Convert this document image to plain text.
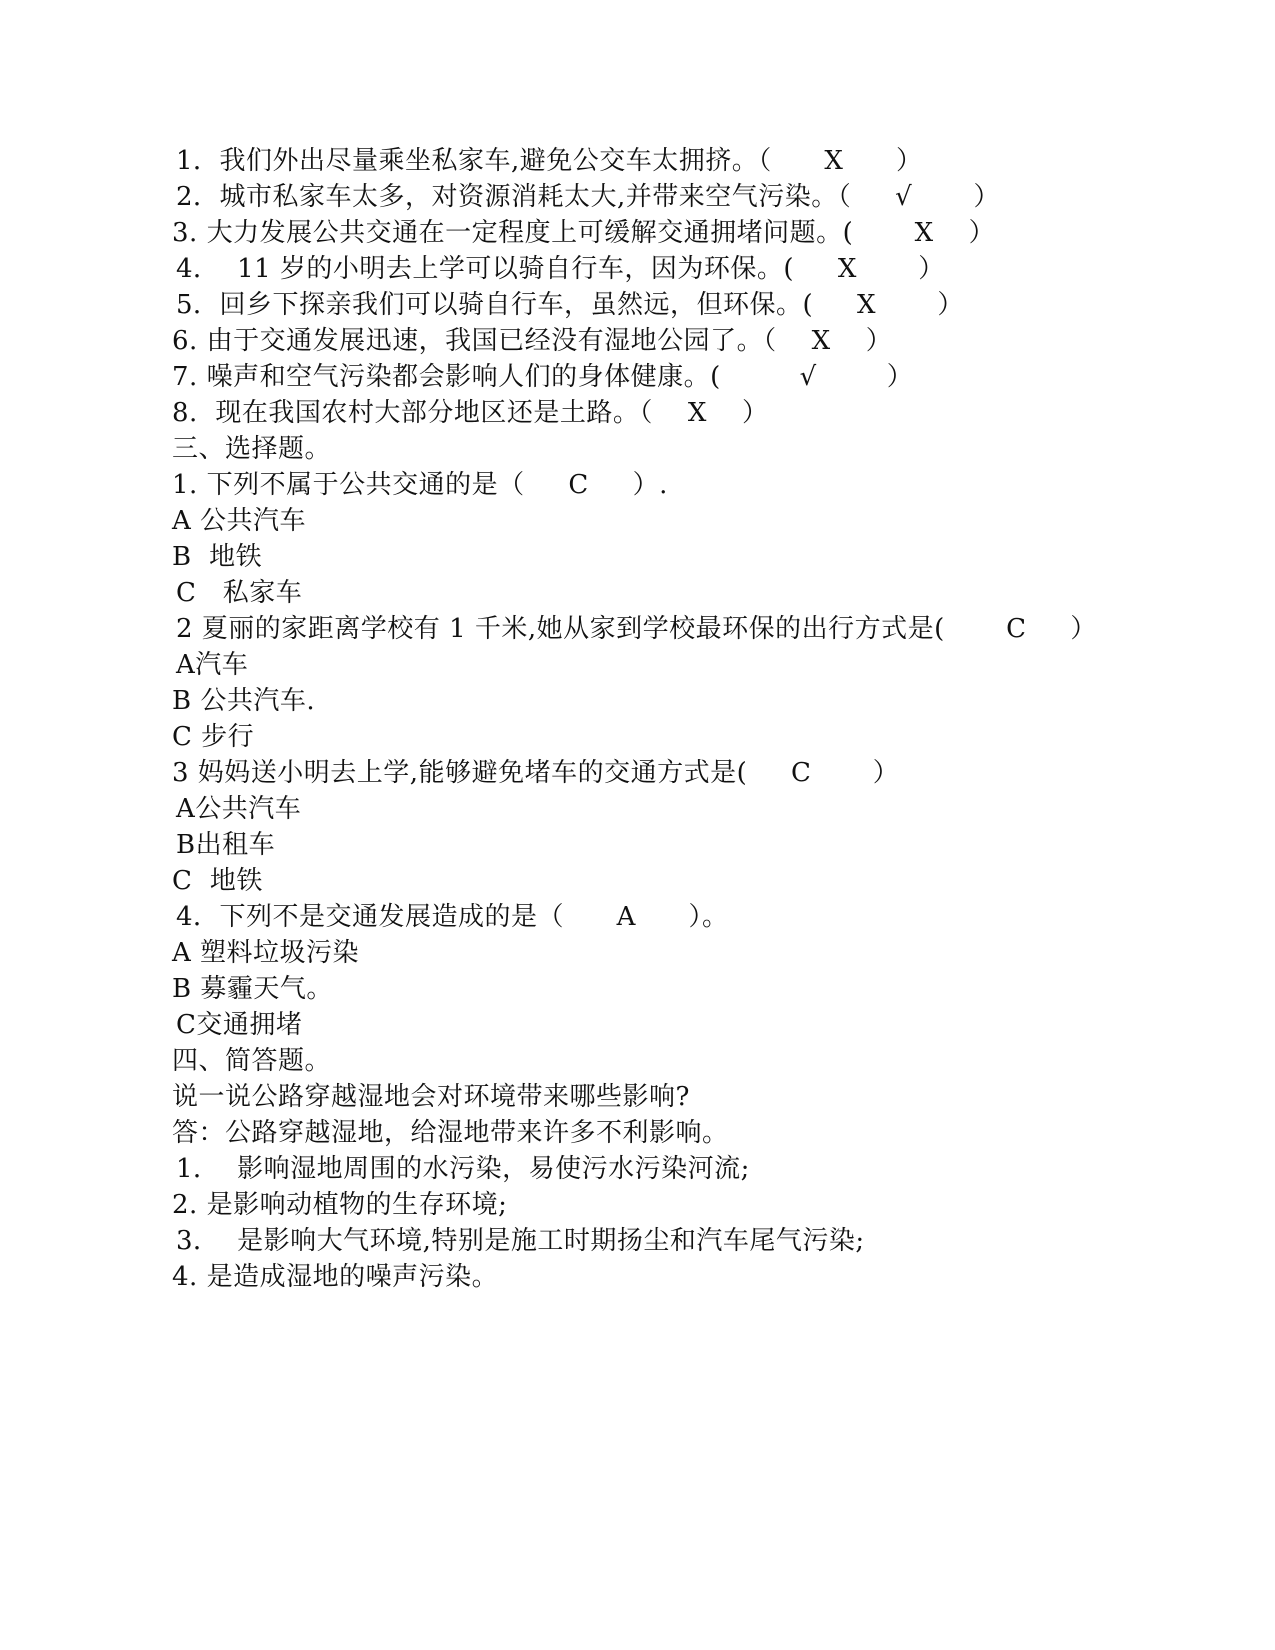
1．我们外出尽量乘坐私家车,避免公交车太拥挤。（      X      ）
2．城市私家车太多，对资源消耗太大,并带来空气污染。（     √       ）
3. 大力发展公共交通在一定程度上可缓解交通拥堵问题。(       X    ）
4．  11 岁的小明去上学可以骑自行车，因为环保。(     X       ）
5．回乡下探亲我们可以骑自行车，虽然远，但环保。(     X       ）
6. 由于交通发展迅速，我国已经没有湿地公园了。（    X    ）
7. 噪声和空气污染都会影响人们的身体健康。(         √        ）
8.  现在我国农村大部分地区还是土路。（    X    ）
三、选择题。
1. 下列不属于公共交通的是（     C     ）.
A 公共汽车
B  地铁
C   私家车
2 夏丽的家距离学校有 1 千米,她从家到学校最环保的出行方式是(       C     ）
A汽车
B 公共汽车.
C 步行
3 妈妈送小明去上学,能够避免堵车的交通方式是(     C       ）
A公共汽车
B出租车
C  地铁
4．下列不是交通发展造成的是（      A      ）。
A 塑料垃圾污染
B 募霾天气。
C交通拥堵
四、简答题。
说一说公路穿越湿地会对环境带来哪些影响?
答：公路穿越湿地，给湿地带来许多不利影响。
1．  影响湿地周围的水污染，易使污水污染河流;
2. 是影响动植物的生存环境;
3．  是影响大气环境,特别是施工时期扬尘和汽车尾气污染;
4. 是造成湿地的噪声污染。
